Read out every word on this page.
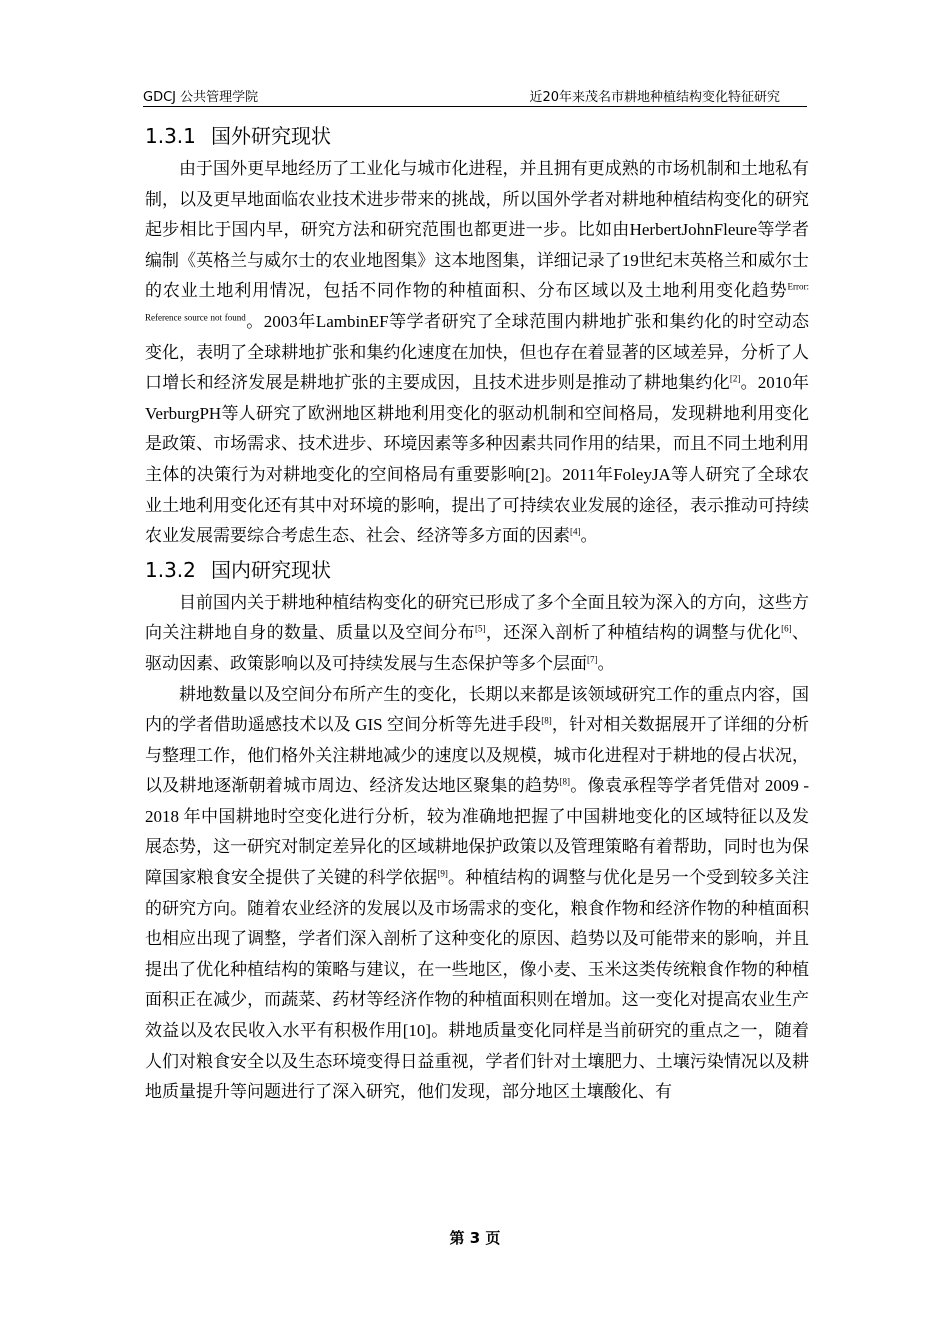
GDCJ 公共管理学院	近20年来茂名市耕地种植结构变化特征研究
1.3.1 国外研究现状

由于国外更早地经历了工业化与城市化进程，并且拥有更成熟的市场机制和土地私有制，以及更早地面临农业技术进步带来的挑战，所以国外学者对耕地种植结构变化的研究起步相比于国内早，研究方法和研究范围也都更进一步。比如由HerbertJohnFleure等学者编制《英格兰与威尔士的农业地图集》这本地图集，详细记录了19世纪末英格兰和威尔士的农业土地利用情况，包括不同作物的种植面积、分布区域以及土地利用变化趋势$^{Error: Reference source not found}$。2003年LambinEF等学者研究了全球范围内耕地扩张和集约化的时空动态变化，表明了全球耕地扩张和集约化速度在加快，但也存在着显著的区域差异，分析了人口增长和经济发展是耕地扩张的主要成因，且技术进步则是推动了耕地集约化[2]。2010年VerburgPH等人研究了欧洲地区耕地利用变化的驱动机制和空间格局，发现耕地利用变化是政策、市场需求、技术进步、环境因素等多种因素共同作用的结果，而且不同土地利用主体的决策行为对耕地变化的空间格局有重要影响[2]。2011年FoleyJA等人研究了全球农业土地利用变化还有其中对环境的影响，提出了可持续农业发展的途径，表示推动可持续农业发展需要综合考虑生态、社会、经济等多方面的因素[4]。

1.3.2 国内研究现状

目前国内关于耕地种植结构变化的研究已形成了多个全面且较为深入的方向，这些方向关注耕地自身的数量、质量以及空间分布[5]，还深入剖析了种植结构的调整与优化[6]、驱动因素、政策影响以及可持续发展与生态保护等多个层面[7]。

耕地数量以及空间分布所产生的变化，长期以来都是该领域研究工作的重点内容，国内的学者借助遥感技术以及 GIS 空间分析等先进手段[8]，针对相关数据展开了详细的分析与整理工作，他们格外关注耕地减少的速度以及规模，城市化进程对于耕地的侵占状况，以及耕地逐渐朝着城市周边、经济发达地区聚集的趋势[8]。像袁承程等学者凭借对 2009 - 2018 年中国耕地时空变化进行分析，较为准确地把握了中国耕地变化的区域特征以及发展态势，这一研究对制定差异化的区域耕地保护政策以及管理策略有着帮助，同时也为保障国家粮食安全提供了关键的科学依据[9]。种植结构的调整与优化是另一个受到较多关注的研究方向。随着农业经济的发展以及市场需求的变化，粮食作物和经济作物的种植面积也相应出现了调整，学者们深入剖析了这种变化的原因、趋势以及可能带来的影响，并且提出了优化种植结构的策略与建议，在一些地区，像小麦、玉米这类传统粮食作物的种植面积正在减少，而蔬菜、药材等经济作物的种植面积则在增加。这一变化对提高农业生产效益以及农民收入水平有积极作用[10]。耕地质量变化同样是当前研究的重点之一，随着人们对粮食安全以及生态环境变得日益重视，学者们针对土壤肥力、土壤污染情况以及耕地质量提升等问题进行了深入研究，他们发现，部分地区土壤酸化、有

第 3 页
